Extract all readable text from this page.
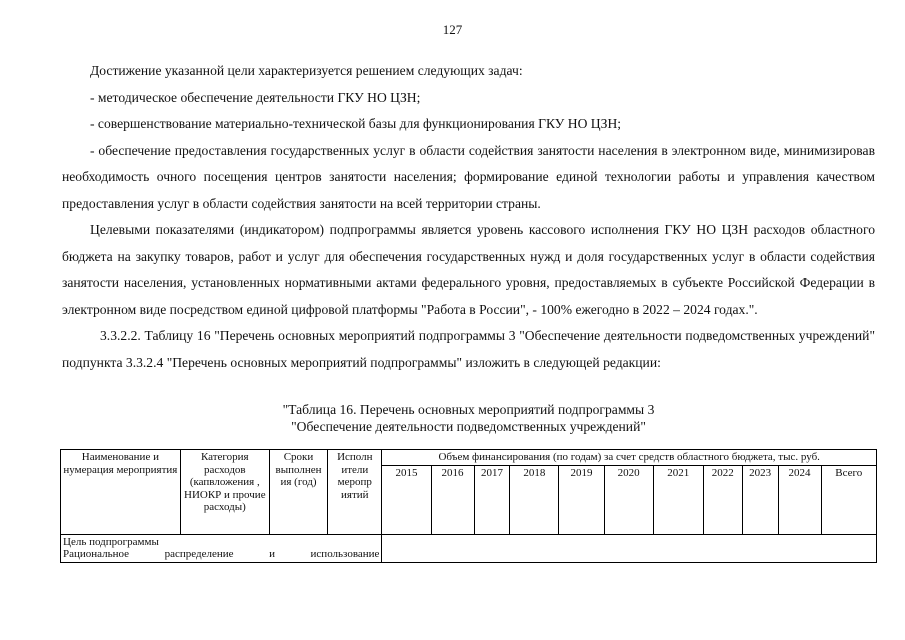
127

Достижение указанной цели характеризуется решением следующих задач:

- методическое обеспечение деятельности ГКУ НО ЦЗН;

- совершенствование материально-технической базы для функционирования ГКУ НО ЦЗН;

- обеспечение предоставления государственных услуг в области содействия занятости населения в электронном виде, минимизировав необходимость очного посещения центров занятости населения; формирование единой технологии работы и управления качеством предоставления услуг в области содействия занятости на всей территории страны.

Целевыми показателями (индикатором) подпрограммы является уровень кассового исполнения ГКУ НО ЦЗН расходов областного бюджета на закупку товаров, работ и услуг для обеспечения государственных нужд и доля государственных услуг в области содействия занятости населения, установленных нормативными актами федерального уровня, предоставляемых в субъекте Российской Федерации в электронном виде посредством единой цифровой платформы "Работа в России", - 100% ежегодно в 2022 – 2024 годах.".

3.3.2.2. Таблицу 16 "Перечень основных мероприятий подпрограммы 3 "Обеспечение деятельности подведомственных учреждений" подпункта 3.3.2.4 "Перечень основных мероприятий подпрограммы" изложить в следующей редакции:

"Таблица 16. Перечень основных мероприятий подпрограммы 3
"Обеспечение деятельности подведомственных учреждений"
Наименование и нумерация мероприятия	Категория расходов (капвложения , НИОКР и прочие расходы)	Сроки выполнен ия (год)	Исполн ители меропр иятий	Объем финансирования (по годам) за счет средств областного бюджета, тыс. руб.										
				2015	2016	2017	2018	2019	2020	2021	2022	2023	2024	Всего

Цель подпрограммы
Рациональное распределение и использование														
